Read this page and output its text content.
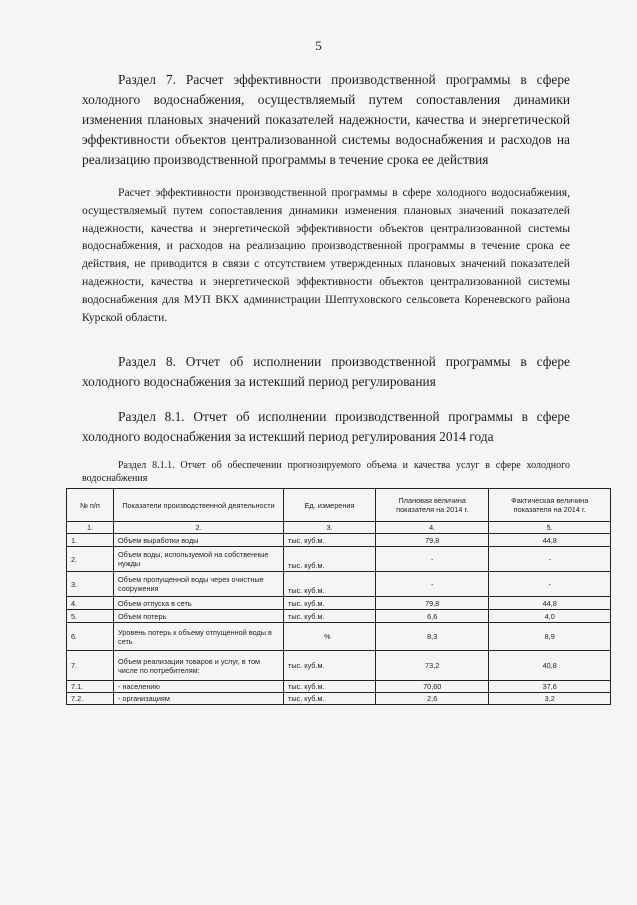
5
Раздел 7. Расчет эффективности производственной программы в сфере холодного водоснабжения, осуществляемый путем сопоставления динамики изменения плановых значений показателей надежности, качества и энергетической эффективности объектов централизованной системы водоснабжения и расходов на реализацию производственной программы в течение срока ее действия
Расчет эффективности производственной программы в сфере холодного водоснабжения, осуществляемый путем сопоставления динамики изменения плановых значений показателей надежности, качества и энергетической эффективности объектов централизованной системы водоснабжения, и расходов на реализацию производственной программы в течение срока ее действия, не приводится в связи с отсутствием утвержденных плановых значений показателей надежности, качества и энергетической эффективности объектов централизованной системы водоснабжения для МУП ВКХ администрации Шептуховского сельсовета Кореневского района Курской области.
Раздел 8. Отчет об исполнении производственной программы в сфере холодного водоснабжения за истекший период регулирования
Раздел 8.1. Отчет об исполнении производственной программы в сфере холодного водоснабжения за истекший период регулирования 2014 года
Раздел 8.1.1. Отчет об обеспечении прогнозируемого объема и качества услуг в сфере холодного водоснабжения
№ п/п	Показатели производственной деятельности	Ед. измерения	Плановая величина показателя на 2014 г.	Фактическая величина показателя на 2014 г.
1.	2.	3.	4.	5.
1.	Объем выработки воды	тыс. куб.м.	79,8	44,8
2.	Объем воды, используемой на собственные нужды	тыс. куб.м.	-	-
3.	Объем пропущенной воды через очистные сооружения	тыс. куб.м.	-	-
4.	Объем отпуска в сеть	тыс. куб.м.	79,8	44,8
5.	Объем потерь	тыс. куб.м.	6,6	4,0
6.	Уровень потерь к объему отпущенной воды в сеть	%	8,3	8,9
7.	Объем реализации товаров и услуг, в том числе по потребителям:	тыс. куб.м.	73,2	40,8
7.1.	- населению	тыс. куб.м.	70,60	37,6
7.2.	- организациям	тыс. куб.м.	2,6	3,2
